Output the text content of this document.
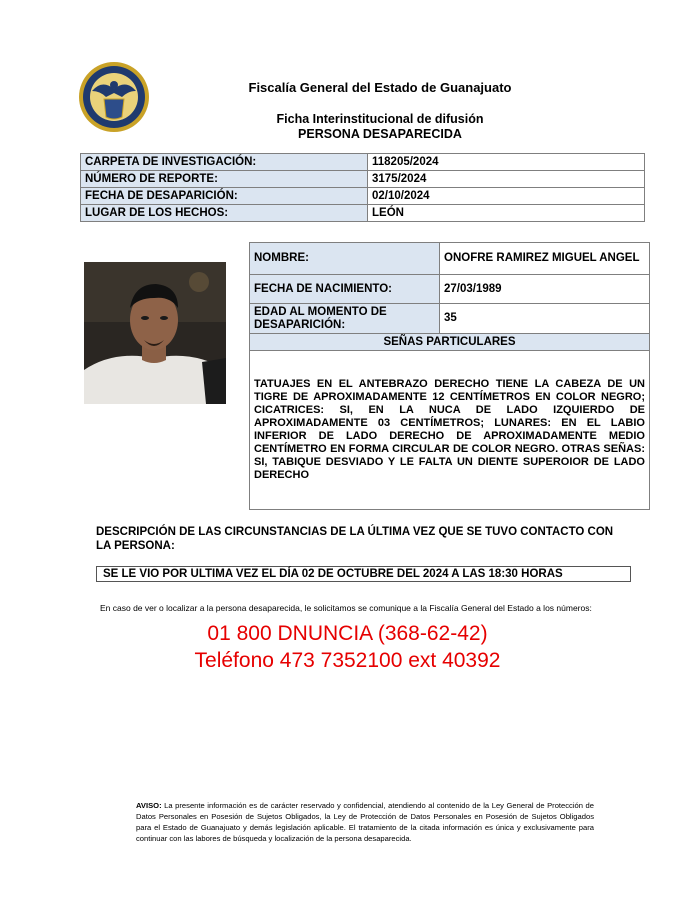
Fiscalía General del Estado de Guanajuato
Ficha Interinstitucional de difusión
PERSONA DESAPARECIDA
CARPETA DE INVESTIGACIÓN:	118205/2024
NÚMERO DE REPORTE:	3175/2024
FECHA DE DESAPARICIÓN:	02/10/2024
LUGAR DE LOS HECHOS:	LEÓN
NOMBRE:	ONOFRE RAMIREZ MIGUEL ANGEL
FECHA DE NACIMIENTO:	27/03/1989
EDAD AL MOMENTO DE DESAPARICIÓN:	35
SEÑAS PARTICULARES	
TATUAJES EN EL ANTEBRAZO DERECHO TIENE LA CABEZA DE UN TIGRE DE APROXIMADAMENTE 12 CENTÍMETROS EN COLOR NEGRO; CICATRICES: SI, EN LA NUCA DE LADO IZQUIERDO DE APROXIMADAMENTE 03 CENTÍMETROS; LUNARES: EN EL LABIO INFERIOR DE LADO DERECHO DE APROXIMADAMENTE MEDIO CENTÍMETRO EN FORMA CIRCULAR DE COLOR NEGRO. OTRAS SEÑAS: SI, TABIQUE DESVIADO Y LE FALTA UN DIENTE SUPEROIOR DE LADO DERECHO	
DESCRIPCIÓN DE LAS CIRCUNSTANCIAS DE LA ÚLTIMA VEZ QUE SE TUVO CONTACTO CON LA PERSONA:
SE LE VIO POR ULTIMA VEZ EL DÍA 02 DE OCTUBRE DEL 2024 A LAS 18:30 HORAS
En caso de ver o localizar a la persona desaparecida, le solicitamos se comunique a la Fiscalía General del Estado a los números:
01 800 DNUNCIA (368-62-42)
Teléfono 473 7352100 ext 40392
AVISO: La presente información es de carácter reservado y confidencial, atendiendo al contenido de la Ley General de Protección de Datos Personales en Posesión de Sujetos Obligados, la Ley de Protección de Datos Personales en Posesión de Sujetos Obligados para el Estado de Guanajuato y demás legislación aplicable. El tratamiento de la citada información es única y exclusivamente para continuar con las labores de búsqueda y localización de la persona desaparecida.
